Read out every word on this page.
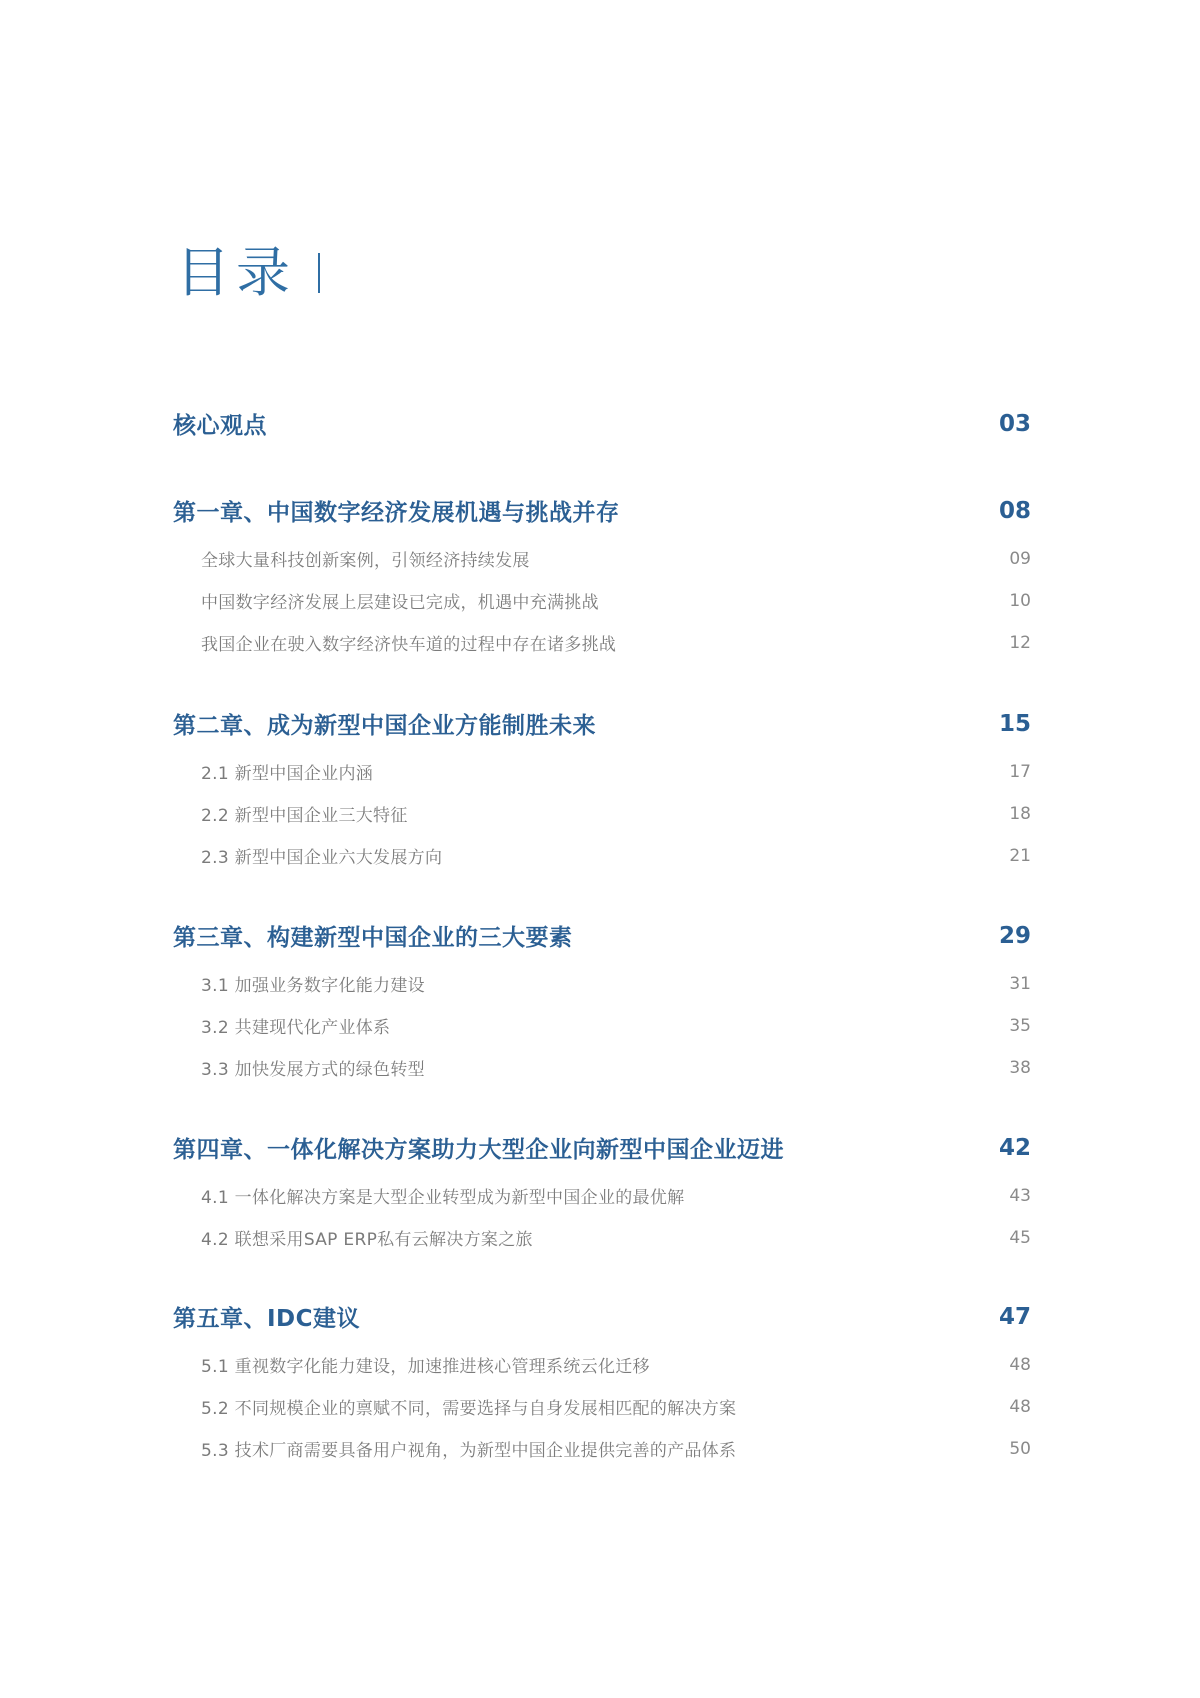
目录
核心观点	03
第一章、中国数字经济发展机遇与挑战并存	08
全球大量科技创新案例，引领经济持续发展	09
中国数字经济发展上层建设已完成，机遇中充满挑战	10
我国企业在驶入数字经济快车道的过程中存在诸多挑战	12
第二章、成为新型中国企业方能制胜未来	15
2.1 新型中国企业内涵	17
2.2 新型中国企业三大特征	18
2.3 新型中国企业六大发展方向	21
第三章、构建新型中国企业的三大要素	29
3.1 加强业务数字化能力建设	31
3.2 共建现代化产业体系	35
3.3 加快发展方式的绿色转型	38
第四章、一体化解决方案助力大型企业向新型中国企业迈进	42
4.1 一体化解决方案是大型企业转型成为新型中国企业的最优解	43
4.2 联想采用SAP ERP私有云解决方案之旅	45
第五章、IDC建议	47
5.1 重视数字化能力建设，加速推进核心管理系统云化迁移	48
5.2 不同规模企业的禀赋不同，需要选择与自身发展相匹配的解决方案	48
5.3 技术厂商需要具备用户视角，为新型中国企业提供完善的产品体系	50
